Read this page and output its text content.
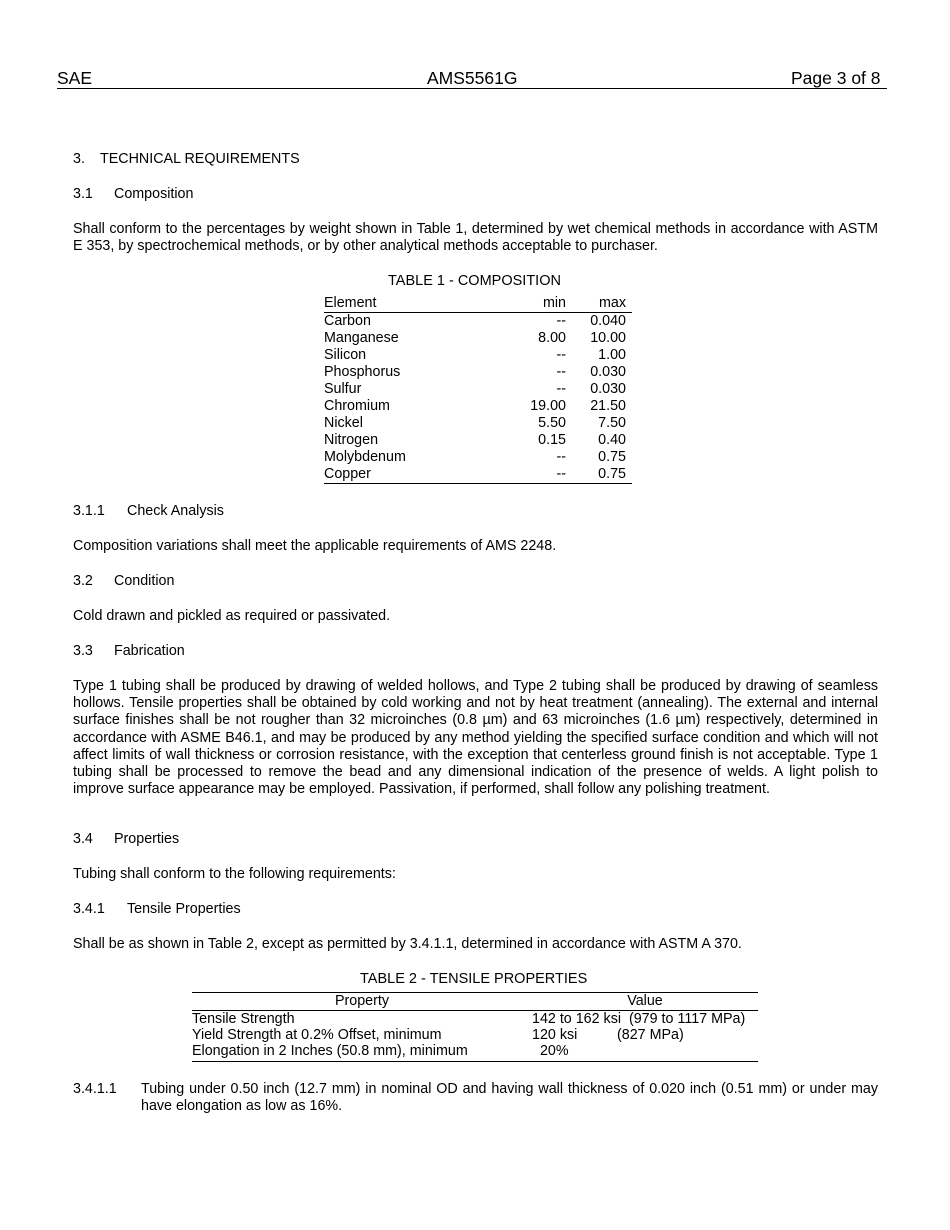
SAE	AMS5561G	Page 3 of 8
3. TECHNICAL REQUIREMENTS
3.1 Composition
Shall conform to the percentages by weight shown in Table 1, determined by wet chemical methods in accordance with ASTM E 353, by spectrochemical methods, or by other analytical methods acceptable to purchaser.
TABLE 1 - COMPOSITION
Element	min	max
Carbon	--	0.040
Manganese	8.00	10.00
Silicon	--	1.00
Phosphorus	--	0.030
Sulfur	--	0.030
Chromium	19.00	21.50
Nickel	5.50	7.50
Nitrogen	0.15	0.40
Molybdenum	--	0.75
Copper	--	0.75
3.1.1 Check Analysis
Composition variations shall meet the applicable requirements of AMS 2248.
3.2 Condition
Cold drawn and pickled as required or passivated.
3.3 Fabrication
Type 1 tubing shall be produced by drawing of welded hollows, and Type 2 tubing shall be produced by drawing of seamless hollows. Tensile properties shall be obtained by cold working and not by heat treatment (annealing). The external and internal surface finishes shall be not rougher than 32 microinches (0.8 µm) and 63 microinches (1.6 µm) respectively, determined in accordance with ASME B46.1, and may be produced by any method yielding the specified surface condition and which will not affect limits of wall thickness or corrosion resistance, with the exception that centerless ground finish is not acceptable. Type 1 tubing shall be processed to remove the bead and any dimensional indication of the presence of welds. A light polish to improve surface appearance may be employed. Passivation, if performed, shall follow any polishing treatment.
3.4 Properties
Tubing shall conform to the following requirements:
3.4.1 Tensile Properties
Shall be as shown in Table 2, except as permitted by 3.4.1.1, determined in accordance with ASTM A 370.
TABLE 2 - TENSILE PROPERTIES
Property	Value
Tensile Strength	142 to 162 ksi  (979 to 1117 MPa)
Yield Strength at 0.2% Offset, minimum	120 ksi          (827 MPa)
Elongation in 2 Inches (50.8 mm), minimum	20%
3.4.1.1	Tubing under 0.50 inch (12.7 mm) in nominal OD and having wall thickness of 0.020 inch (0.51 mm) or under may have elongation as low as 16%.
